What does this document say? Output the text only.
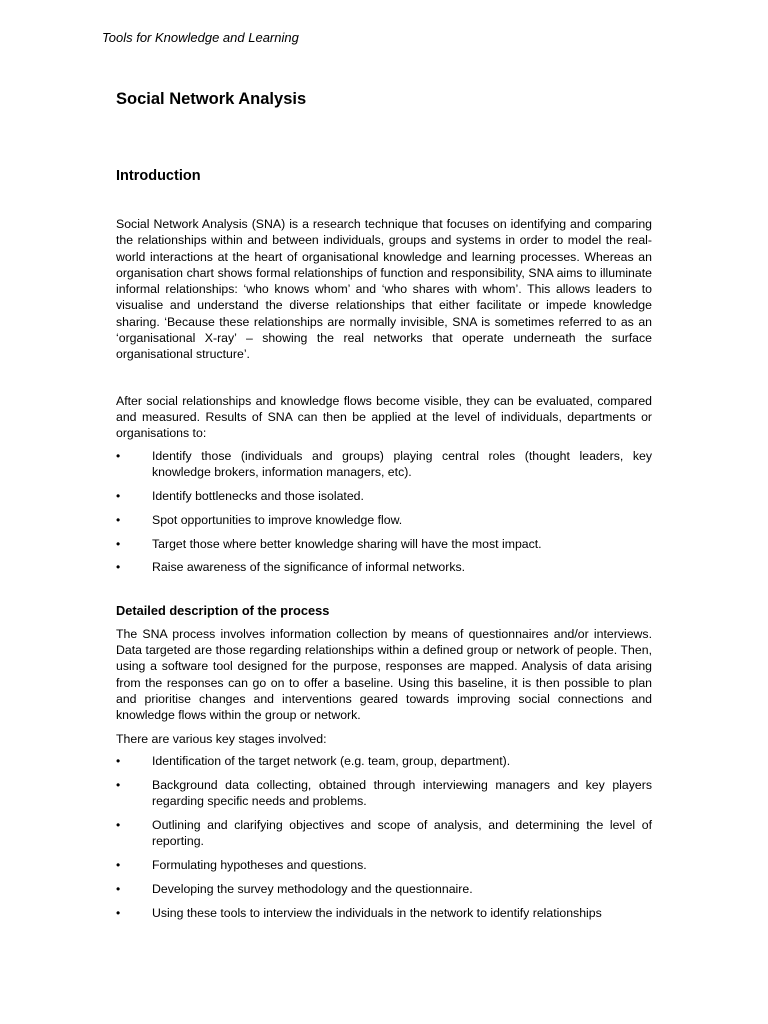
Tools for Knowledge and Learning
Social Network Analysis
Introduction

Social Network Analysis (SNA) is a research technique that focuses on identifying and comparing the relationships within and between individuals, groups and systems in order to model the real-world interactions at the heart of organisational knowledge and learning processes. Whereas an organisation chart shows formal relationships of function and responsibility, SNA aims to illuminate informal relationships: ‘who knows whom’ and ‘who shares with whom’. This allows leaders to visualise and understand the diverse relationships that either facilitate or impede knowledge sharing. ‘Because these relationships are normally invisible, SNA is sometimes referred to as an ‘organisational X-ray’ – showing the real networks that operate underneath the surface organisational structure’.

After social relationships and knowledge flows become visible, they can be evaluated, compared and measured. Results of SNA can then be applied at the level of individuals, departments or organisations to:

•	Identify those (individuals and groups) playing central roles (thought leaders, key knowledge brokers, information managers, etc).
•	Identify bottlenecks and those isolated.
•	Spot opportunities to improve knowledge flow.
•	Target those where better knowledge sharing will have the most impact.
•	Raise awareness of the significance of informal networks.
Detailed description of the process

The SNA process involves information collection by means of questionnaires and/or interviews. Data targeted are those regarding relationships within a defined group or network of people. Then, using a software tool designed for the purpose, responses are mapped. Analysis of data arising from the responses can go on to offer a baseline. Using this baseline, it is then possible to plan and prioritise changes and interventions geared towards improving social connections and knowledge flows within the group or network.

There are various key stages involved:

•	Identification of the target network (e.g. team, group, department).
•	Background data collecting, obtained through interviewing managers and key players regarding specific needs and problems.
•	Outlining and clarifying objectives and scope of analysis, and determining the level of reporting.
•	Formulating hypotheses and questions.
•	Developing the survey methodology and the questionnaire.
•	Using these tools to interview the individuals in the network to identify relationships
